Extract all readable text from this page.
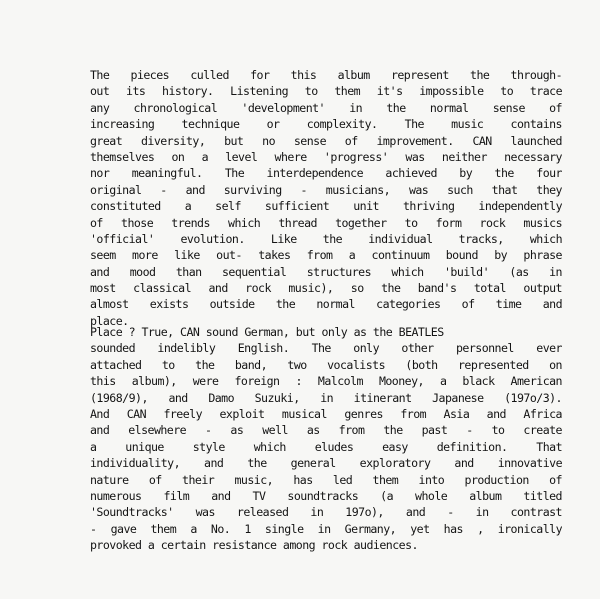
The pieces culled for this album represent the through-
out its history. Listening to them it's impossible to trace
any chronological 'development' in the normal sense of
increasing technique or complexity. The music contains
great diversity, but no sense of improvement. CAN launched
themselves on a level where 'progress' was neither necessary
nor meaningful. The interdependence achieved by the four
original - and surviving - musicians, was such that they
constituted a self sufficient unit thriving independently
of those trends which thread together to form rock musics
'official' evolution. Like the individual tracks, which
seem more like out- takes from a continuum bound by phrase
and mood than sequential structures which 'build' (as in
most classical and rock music), so the band's total output
almost exists outside the normal categories of time and
place.
Place ? True, CAN sound German, but only as the BEATLES
sounded indelibly English. The only other personnel ever
attached to the band, two vocalists (both represented on
this album), were foreign : Malcolm Mooney, a black American
(1968/9), and Damo Suzuki, in itinerant Japanese (197o/3).
And CAN freely exploit musical genres from Asia and Africa
and elsewhere - as well as from the past - to create
a unique style which eludes easy definition. That
individuality, and the general exploratory and innovative
nature of their music, has led them into production of
numerous film and TV soundtracks (a whole album titled
'Soundtracks' was released in 197o), and - in contrast
- gave them a No. 1 single in Germany, yet has , ironically
provoked a certain resistance among rock audiences.
